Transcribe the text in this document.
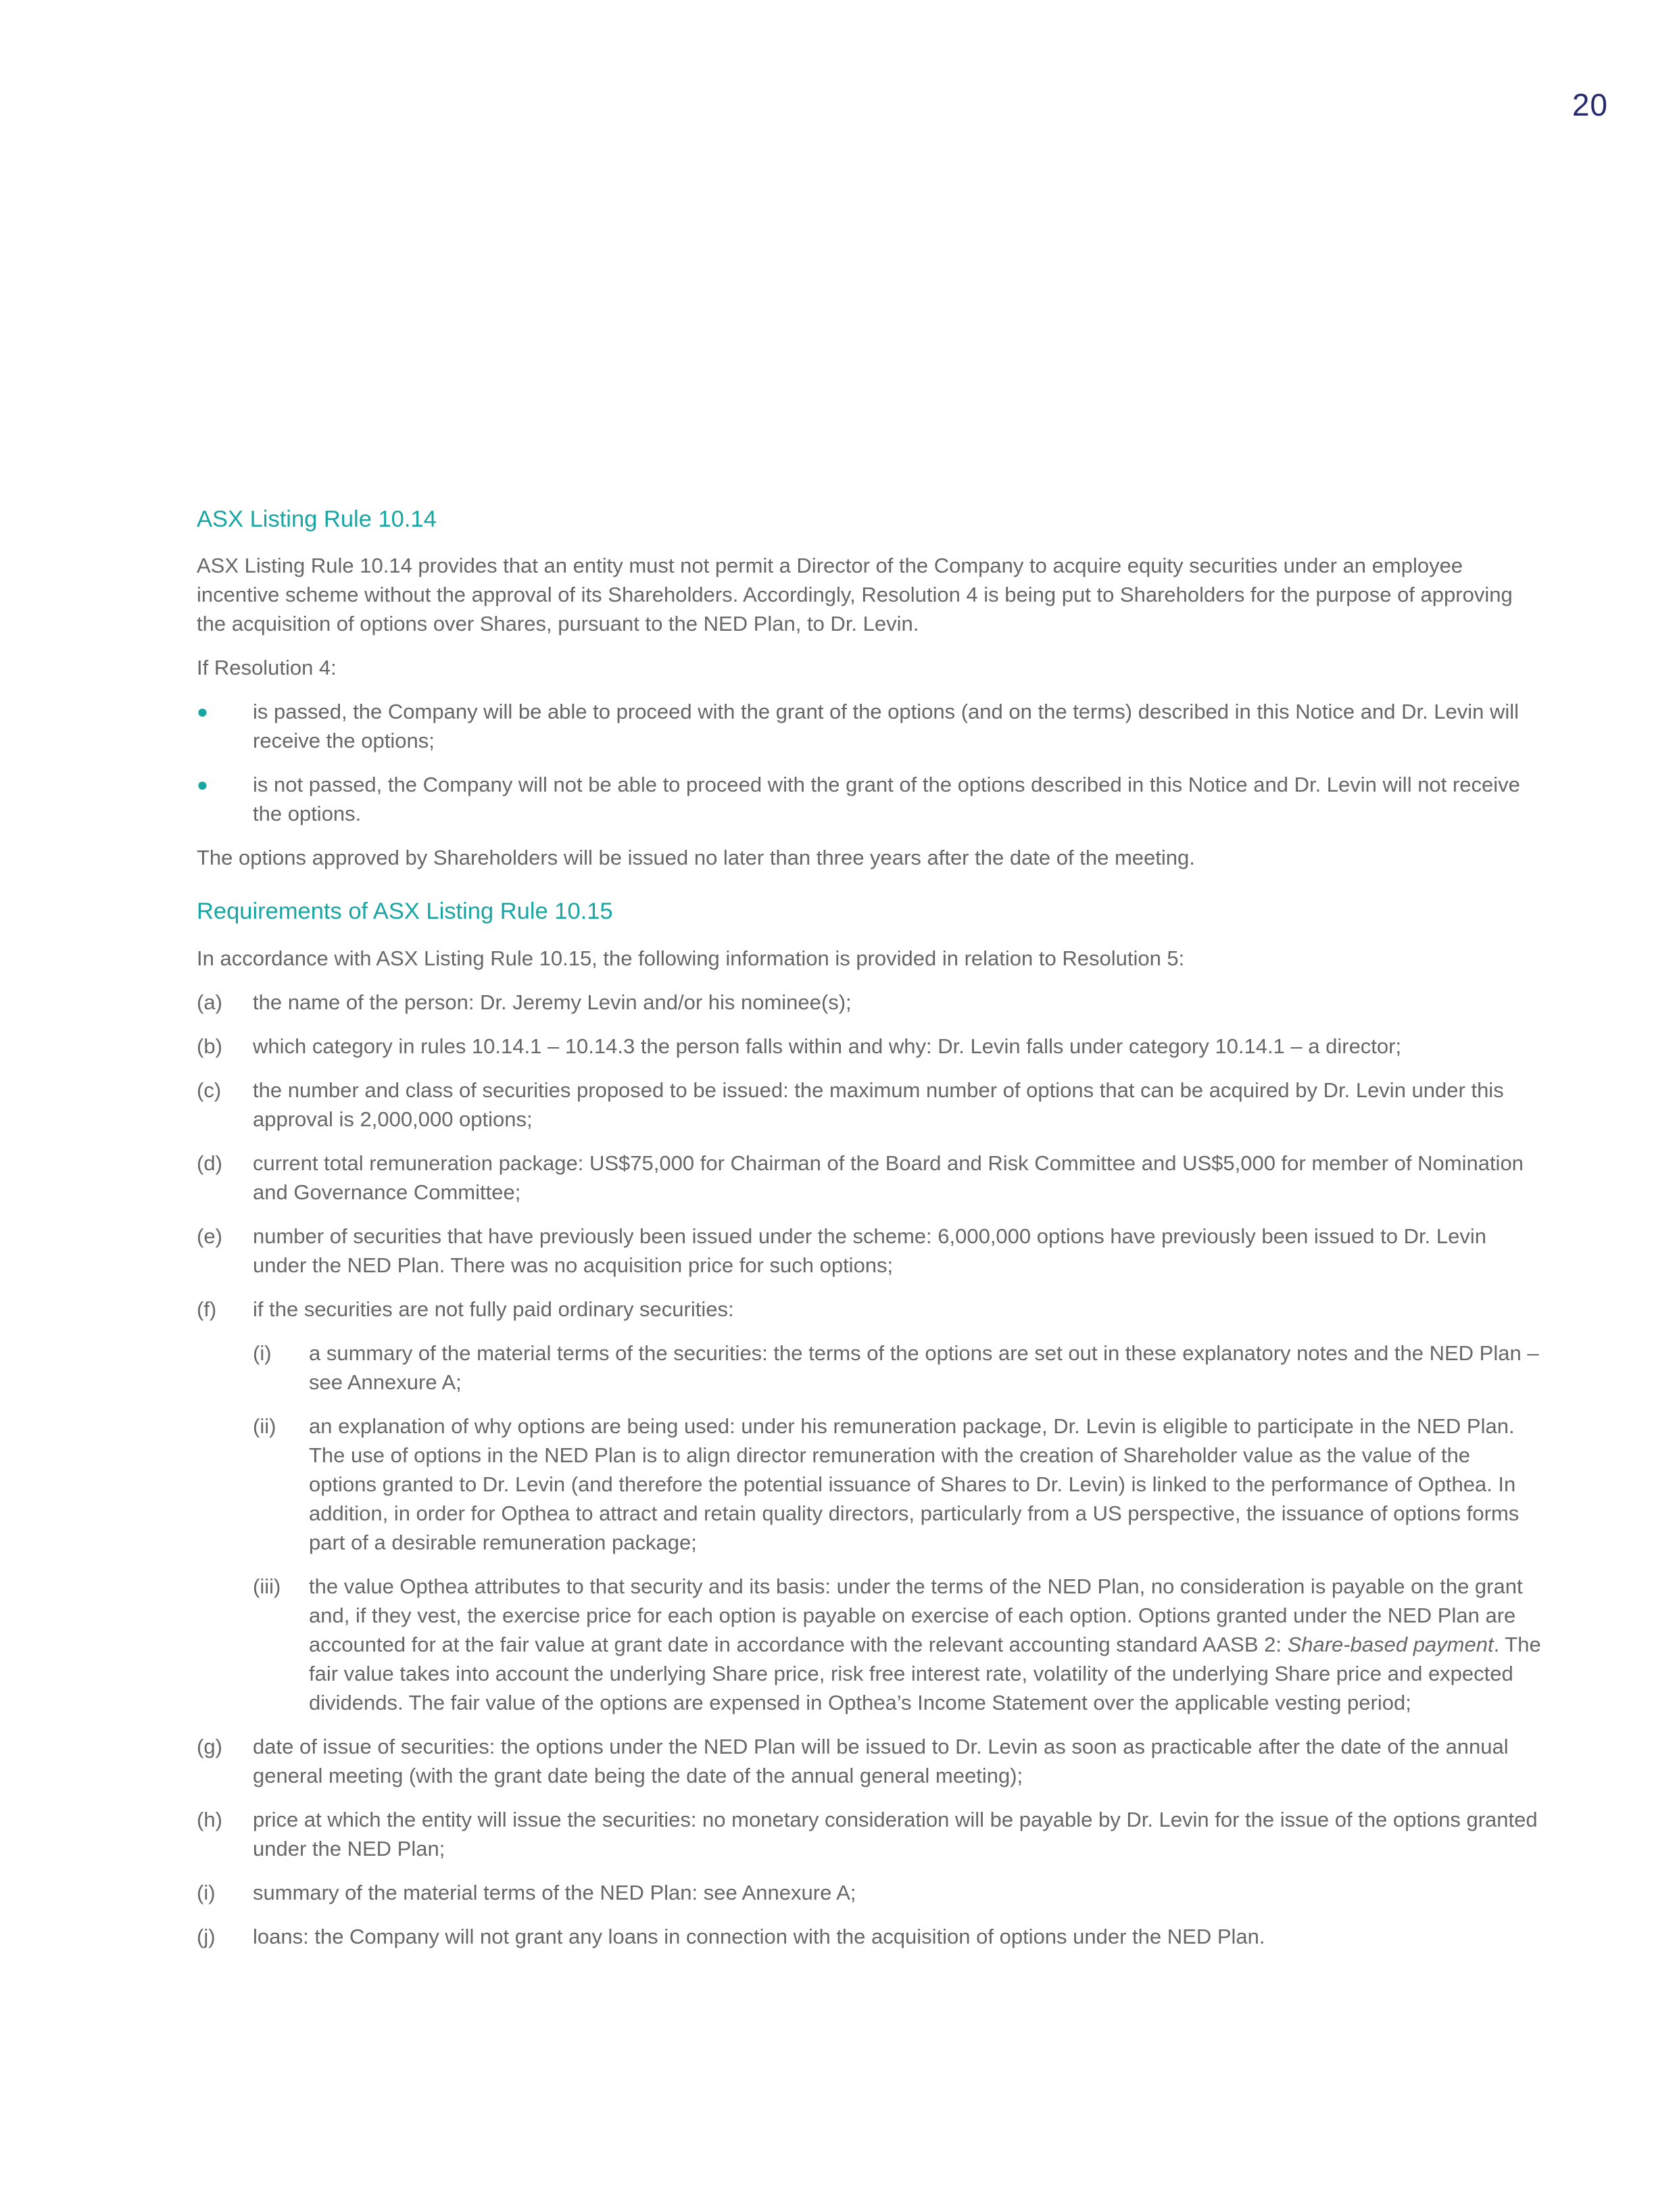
20
ASX Listing Rule 10.14

ASX Listing Rule 10.14 provides that an entity must not permit a Director of the Company to acquire equity securities under an employee incentive scheme without the approval of its Shareholders. Accordingly, Resolution 4 is being put to Shareholders for the purpose of approving the acquisition of options over Shares, pursuant to the NED Plan, to Dr. Levin.

If Resolution 4:

●	is passed, the Company will be able to proceed with the grant of the options (and on the terms) described in this Notice and Dr. Levin will receive the options;
●	is not passed, the Company will not be able to proceed with the grant of the options described in this Notice and Dr. Levin will not receive the options.

The options approved by Shareholders will be issued no later than three years after the date of the meeting.

Requirements of ASX Listing Rule 10.15

In accordance with ASX Listing Rule 10.15, the following information is provided in relation to Resolution 5:

(a)	the name of the person: Dr. Jeremy Levin and/or his nominee(s);
(b)	which category in rules 10.14.1 – 10.14.3 the person falls within and why: Dr. Levin falls under category 10.14.1 – a director;
(c)	the number and class of securities proposed to be issued: the maximum number of options that can be acquired by Dr. Levin under this approval is 2,000,000 options;
(d)	current total remuneration package: US$75,000 for Chairman of the Board and Risk Committee and US$5,000 for member of Nomination and Governance Committee;
(e)	number of securities that have previously been issued under the scheme: 6,000,000 options have previously been issued to Dr. Levin under the NED Plan. There was no acquisition price for such options;
(f)	if the securities are not fully paid ordinary securities:
(i)	a summary of the material terms of the securities: the terms of the options are set out in these explanatory notes and the NED Plan – see Annexure A;
(ii)	an explanation of why options are being used: under his remuneration package, Dr. Levin is eligible to participate in the NED Plan. The use of options in the NED Plan is to align director remuneration with the creation of Shareholder value as the value of the options granted to Dr. Levin (and therefore the potential issuance of Shares to Dr. Levin) is linked to the performance of Opthea. In addition, in order for Opthea to attract and retain quality directors, particularly from a US perspective, the issuance of options forms part of a desirable remuneration package;
(iii)	the value Opthea attributes to that security and its basis: under the terms of the NED Plan, no consideration is payable on the grant and, if they vest, the exercise price for each option is payable on exercise of each option. Options granted under the NED Plan are accounted for at the fair value at grant date in accordance with the relevant accounting standard AASB 2: Share-based payment. The fair value takes into account the underlying Share price, risk free interest rate, volatility of the underlying Share price and expected dividends. The fair value of the options are expensed in Opthea’s Income Statement over the applicable vesting period;
(g)	date of issue of securities: the options under the NED Plan will be issued to Dr. Levin as soon as practicable after the date of the annual general meeting (with the grant date being the date of the annual general meeting);
(h)	price at which the entity will issue the securities: no monetary consideration will be payable by Dr. Levin for the issue of the options granted under the NED Plan;
(i)	summary of the material terms of the NED Plan: see Annexure A;
(j)	loans: the Company will not grant any loans in connection with the acquisition of options under the NED Plan.
